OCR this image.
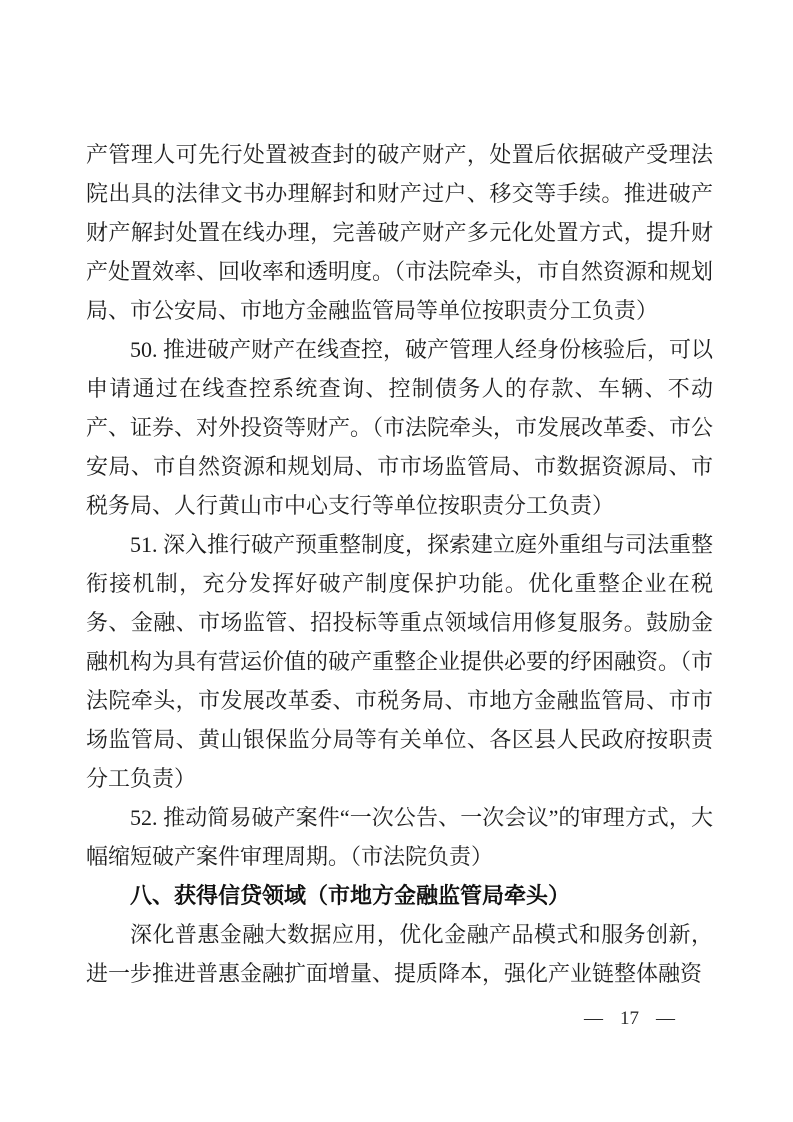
产管理人可先行处置被查封的破产财产，处置后依据破产受理法院出具的法律文书办理解封和财产过户、移交等手续。推进破产财产解封处置在线办理，完善破产财产多元化处置方式，提升财产处置效率、回收率和透明度。（市法院牵头，市自然资源和规划局、市公安局、市地方金融监管局等单位按职责分工负责）

50. 推进破产财产在线查控，破产管理人经身份核验后，可以申请通过在线查控系统查询、控制债务人的存款、车辆、不动产、证券、对外投资等财产。（市法院牵头，市发展改革委、市公安局、市自然资源和规划局、市市场监管局、市数据资源局、市税务局、人行黄山市中心支行等单位按职责分工负责）

51. 深入推行破产预重整制度，探索建立庭外重组与司法重整衔接机制，充分发挥好破产制度保护功能。优化重整企业在税务、金融、市场监管、招投标等重点领域信用修复服务。鼓励金融机构为具有营运价值的破产重整企业提供必要的纾困融资。（市法院牵头，市发展改革委、市税务局、市地方金融监管局、市市场监管局、黄山银保监分局等有关单位、各区县人民政府按职责分工负责）

52. 推动简易破产案件“一次公告、一次会议”的审理方式，大幅缩短破产案件审理周期。（市法院负责）

八、获得信贷领域（市地方金融监管局牵头）

深化普惠金融大数据应用，优化金融产品模式和服务创新，进一步推进普惠金融扩面增量、提质降本，强化产业链整体融资

— 17 —
